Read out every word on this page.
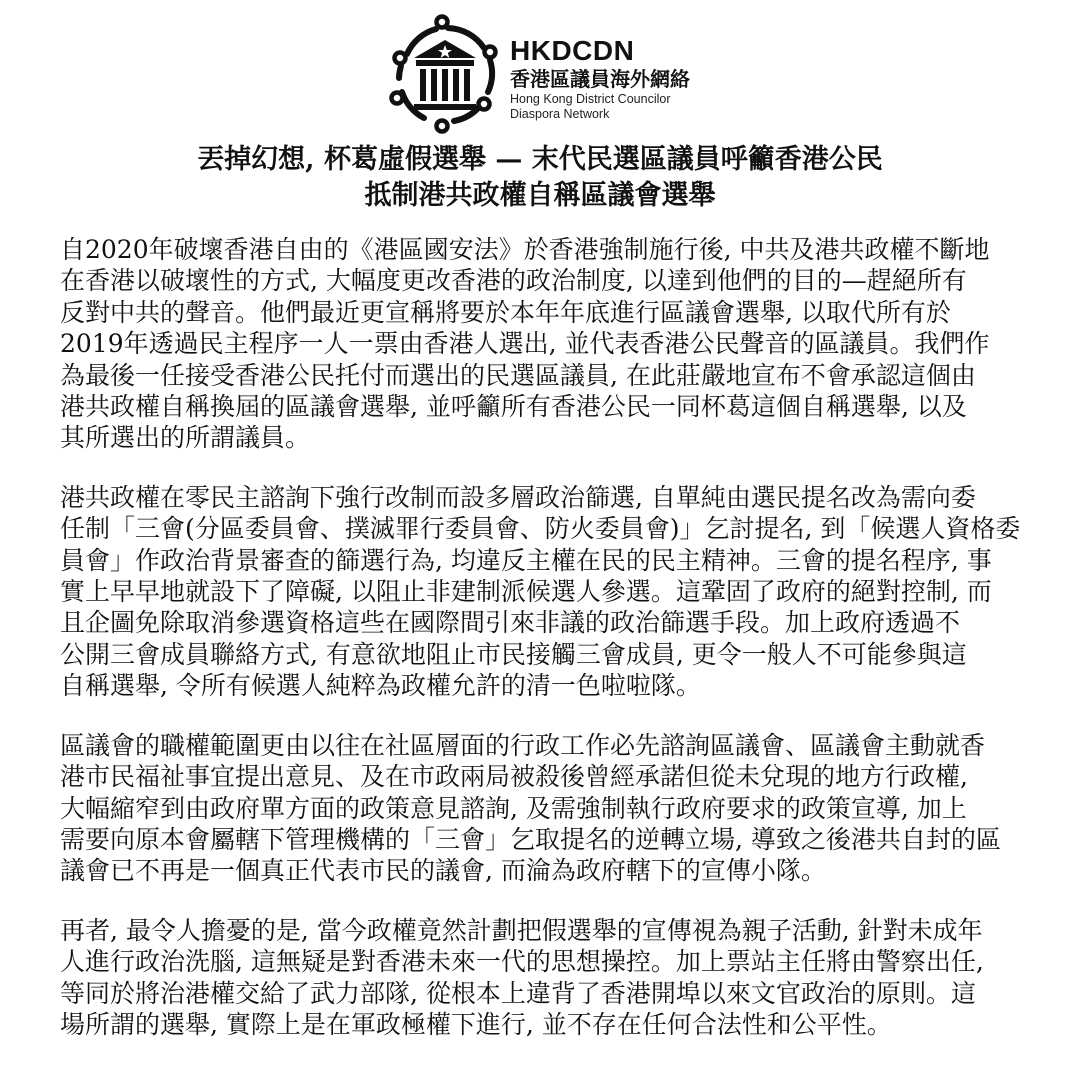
HKDCDN
香港區議員海外網絡
Hong Kong District Councilor
Diaspora Network
丟掉幻想, 杯葛虛假選舉 — 末代民選區議員呼籲香港公民
抵制港共政權自稱區議會選舉
自2020年破壞香港自由的《港區國安法》於香港強制施行後, 中共及港共政權不斷地
在香港以破壞性的方式, 大幅度更改香港的政治制度, 以達到他們的目的—趕絕所有
反對中共的聲音。他們最近更宣稱將要於本年年底進行區議會選舉, 以取代所有於
2019年透過民主程序一人一票由香港人選出, 並代表香港公民聲音的區議員。我們作
為最後一任接受香港公民托付而選出的民選區議員, 在此莊嚴地宣布不會承認這個由
港共政權自稱換屆的區議會選舉, 並呼籲所有香港公民一同杯葛這個自稱選舉, 以及
其所選出的所謂議員。
港共政權在零民主諮詢下強行改制而設多層政治篩選, 自單純由選民提名改為需向委
任制「三會(分區委員會、撲滅罪行委員會、防火委員會)」乞討提名, 到「候選人資格委
員會」作政治背景審查的篩選行為, 均違反主權在民的民主精神。三會的提名程序, 事
實上早早地就設下了障礙, 以阻止非建制派候選人參選。這鞏固了政府的絕對控制, 而
且企圖免除取消參選資格這些在國際間引來非議的政治篩選手段。加上政府透過不
公開三會成員聯絡方式, 有意欲地阻止市民接觸三會成員, 更令一般人不可能參與這
自稱選舉, 令所有候選人純粹為政權允許的清一色啦啦隊。
區議會的職權範圍更由以往在社區層面的行政工作必先諮詢區議會、區議會主動就香
港市民福祉事宜提出意見、及在市政兩局被殺後曾經承諾但從未兌現的地方行政權,
大幅縮窄到由政府單方面的政策意見諮詢, 及需強制執行政府要求的政策宣導, 加上
需要向原本會屬轄下管理機構的「三會」乞取提名的逆轉立場, 導致之後港共自封的區
議會已不再是一個真正代表市民的議會, 而淪為政府轄下的宣傳小隊。
再者, 最令人擔憂的是, 當今政權竟然計劃把假選舉的宣傳視為親子活動, 針對未成年
人進行政治洗腦, 這無疑是對香港未來一代的思想操控。加上票站主任將由警察出任,
等同於將治港權交給了武力部隊, 從根本上違背了香港開埠以來文官政治的原則。這
場所謂的選舉, 實際上是在軍政極權下進行, 並不存在任何合法性和公平性。
